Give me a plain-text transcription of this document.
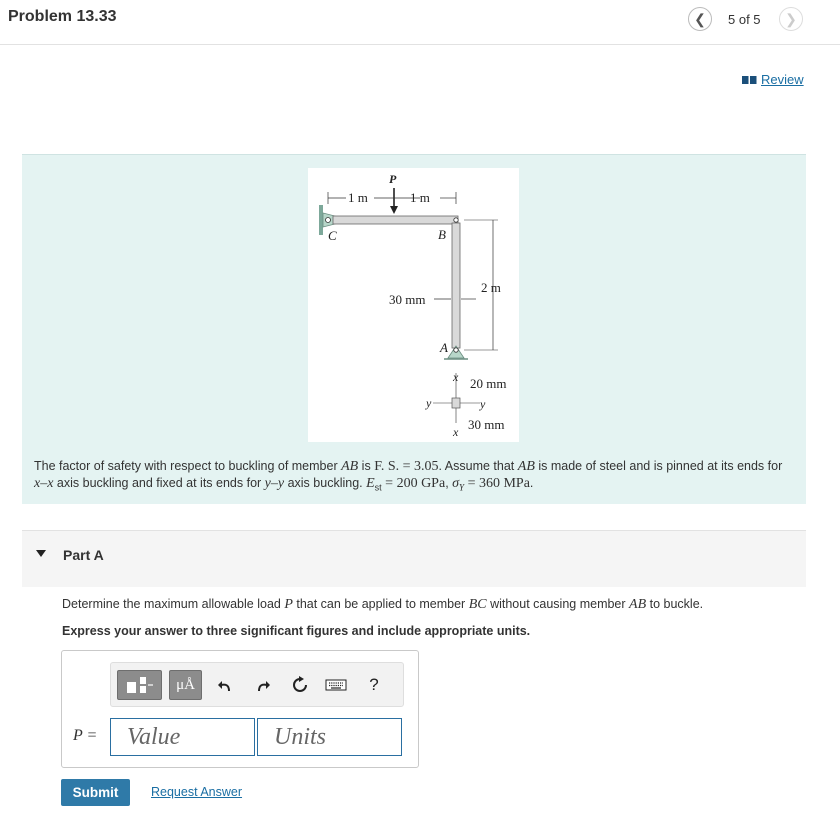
Problem 13.33	❮ 5 of 5 ❯
Review
P
1 m	1 m
C	B
2 m
30 mm
A
x
x
y	y
20 mm
30 mm
The factor of safety with respect to buckling of member AB is F. S. = 3.05. Assume that AB is made of steel and is pinned at its ends for x–x axis buckling and fixed at its ends for y–y axis buckling. $E_{st} = 200$ GPa, $\sigma_Y = 360$ MPa.
Part A
Determine the maximum allowable load P that can be applied to member BC without causing member AB to buckle.
Express your answer to three significant figures and include appropriate units.
μÅ	?
P = Value	Units
Submit	Request Answer
